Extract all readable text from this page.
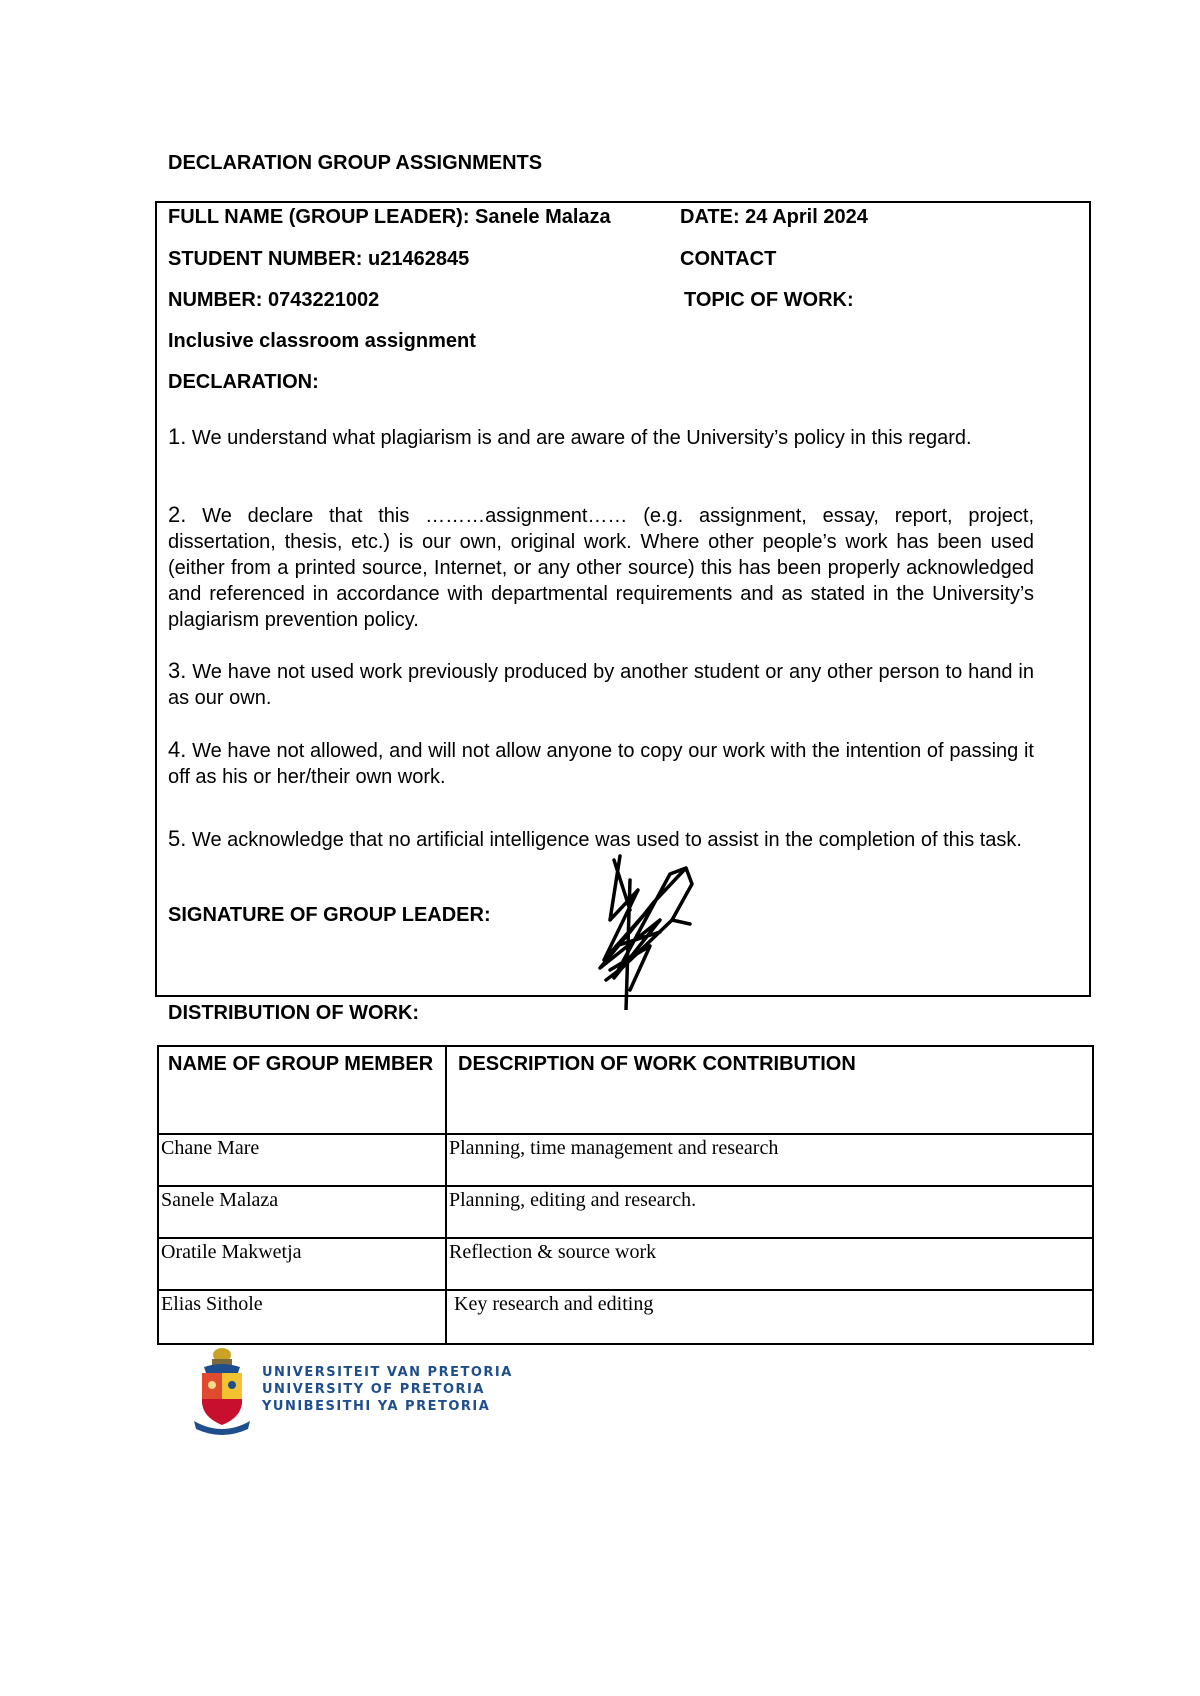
DECLARATION GROUP ASSIGNMENTS
FULL NAME (GROUP LEADER): Sanele Malaza	DATE: 24 April 2024
STUDENT NUMBER: u21462845	CONTACT
NUMBER: 0743221002	TOPIC OF WORK:
Inclusive classroom assignment
DECLARATION:
1. We understand what plagiarism is and are aware of the University’s policy in this regard.
2. We declare that this ………assignment…… (e.g. assignment, essay, report, project, dissertation, thesis, etc.) is our own, original work. Where other people’s work has been used (either from a printed source, Internet, or any other source) this has been properly acknowledged and referenced in accordance with departmental requirements and as stated in the University’s plagiarism prevention policy.
3. We have not used work previously produced by another student or any other person to hand in as our own.
4. We have not allowed, and will not allow anyone to copy our work with the intention of passing it off as his or her/their own work.
5. We acknowledge that no artificial intelligence was used to assist in the completion of this task.
SIGNATURE OF GROUP LEADER:
DISTRIBUTION OF WORK:
NAME OF GROUP MEMBER	DESCRIPTION OF WORK CONTRIBUTION
Chane Mare	Planning, time management and research
Sanele Malaza	Planning, editing and research.
Oratile Makwetja	Reflection & source work
Elias Sithole	Key research and editing
UNIVERSITEIT VAN PRETORIA
UNIVERSITY OF PRETORIA
YUNIBESITHI YA PRETORIA
